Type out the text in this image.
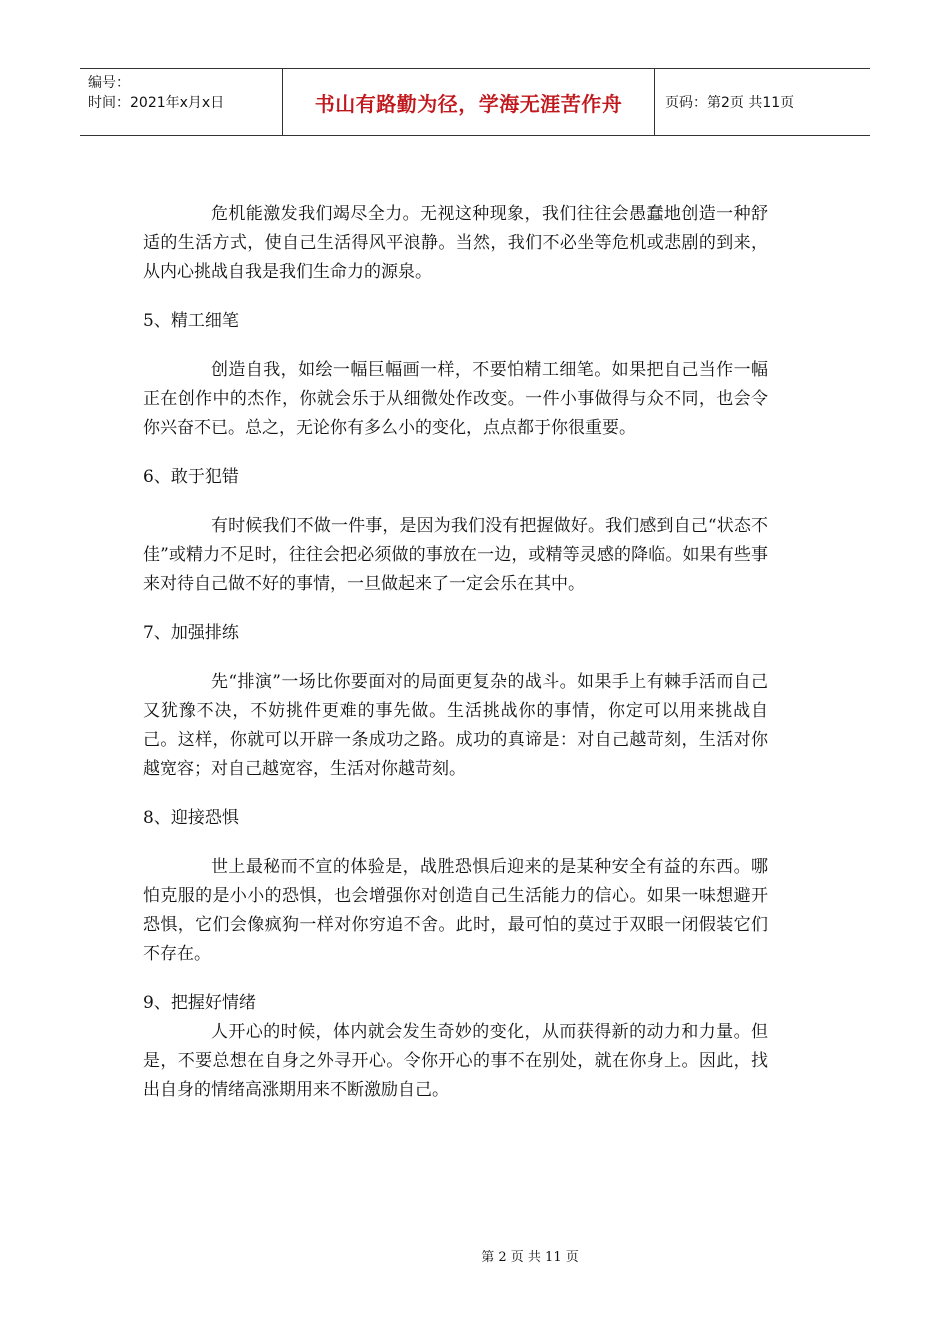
编号：
时间：2021年x月x日	书山有路勤为径，学海无涯苦作舟	页码：第2页 共11页

危机能激发我们竭尽全力。无视这种现象，我们往往会愚蠢地创造一种舒适的生活方式，使自己生活得风平浪静。当然，我们不必坐等危机或悲剧的到来，从内心挑战自我是我们生命力的源泉。

5、精工细笔

创造自我，如绘一幅巨幅画一样，不要怕精工细笔。如果把自己当作一幅正在创作中的杰作，你就会乐于从细微处作改变。一件小事做得与众不同，也会令你兴奋不已。总之，无论你有多么小的变化，点点都于你很重要。

6、敢于犯错

有时候我们不做一件事，是因为我们没有把握做好。我们感到自己“状态不佳”或精力不足时，往往会把必须做的事放在一边，或精等灵感的降临。如果有些事来对待自己做不好的事情，一旦做起来了一定会乐在其中。

7、加强排练

先“排演”一场比你要面对的局面更复杂的战斗。如果手上有棘手活而自己又犹豫不决，不妨挑件更难的事先做。生活挑战你的事情，你定可以用来挑战自己。这样，你就可以开辟一条成功之路。成功的真谛是：对自己越苛刻，生活对你越宽容；对自己越宽容，生活对你越苛刻。

8、迎接恐惧

世上最秘而不宣的体验是，战胜恐惧后迎来的是某种安全有益的东西。哪怕克服的是小小的恐惧，也会增强你对创造自己生活能力的信心。如果一味想避开恐惧，它们会像疯狗一样对你穷追不舍。此时，最可怕的莫过于双眼一闭假装它们不存在。

9、把握好情绪

人开心的时候，体内就会发生奇妙的变化，从而获得新的动力和力量。但是，不要总想在自身之外寻开心。令你开心的事不在别处，就在你身上。因此，找出自身的情绪高涨期用来不断激励自己。

第 2 页 共 11 页
